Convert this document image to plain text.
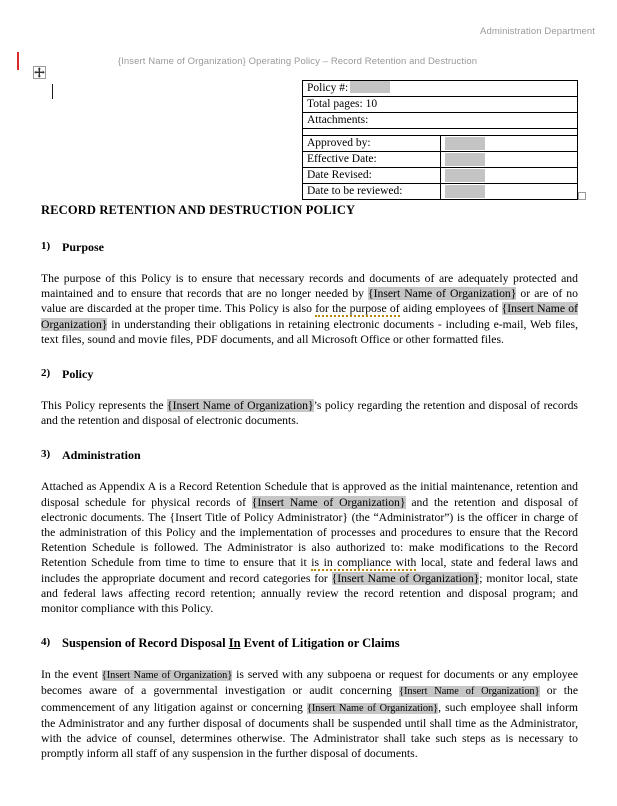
Administration Department
{Insert Name of Organization} Operating Policy – Record Retention and Destruction
Policy #:	
Total pages: 10	
Attachments:	

Approved by:	
Effective Date:	
Date Revised:	
Date to be reviewed:	
RECORD RETENTION AND DESTRUCTION POLICY
1) Purpose

The purpose of this Policy is to ensure that necessary records and documents of are adequately protected and maintained and to ensure that records that are no longer needed by {Insert Name of Organization} or are of no value are discarded at the proper time. This Policy is also for the purpose of aiding employees of {Insert Name of Organization} in understanding their obligations in retaining electronic documents - including e-mail, Web files, text files, sound and movie files, PDF documents, and all Microsoft Office or other formatted files.

2) Policy

This Policy represents the {Insert Name of Organization}’s policy regarding the retention and disposal of records and the retention and disposal of electronic documents.

3) Administration

Attached as Appendix A is a Record Retention Schedule that is approved as the initial maintenance, retention and disposal schedule for physical records of {Insert Name of Organization} and the retention and disposal of electronic documents. The {Insert Title of Policy Administrator} (the “Administrator”) is the officer in charge of the administration of this Policy and the implementation of processes and procedures to ensure that the Record Retention Schedule is followed. The Administrator is also authorized to: make modifications to the Record Retention Schedule from time to time to ensure that it is in compliance with local, state and federal laws and includes the appropriate document and record categories for {Insert Name of Organization}; monitor local, state and federal laws affecting record retention; annually review the record retention and disposal program; and monitor compliance with this Policy.

4) Suspension of Record Disposal In Event of Litigation or Claims

In the event {Insert Name of Organization} is served with any subpoena or request for documents or any employee becomes aware of a governmental investigation or audit concerning {Insert Name of Organization} or the commencement of any litigation against or concerning {Insert Name of Organization}, such employee shall inform the Administrator and any further disposal of documents shall be suspended until shall time as the Administrator, with the advice of counsel, determines otherwise. The Administrator shall take such steps as is necessary to promptly inform all staff of any suspension in the further disposal of documents.
